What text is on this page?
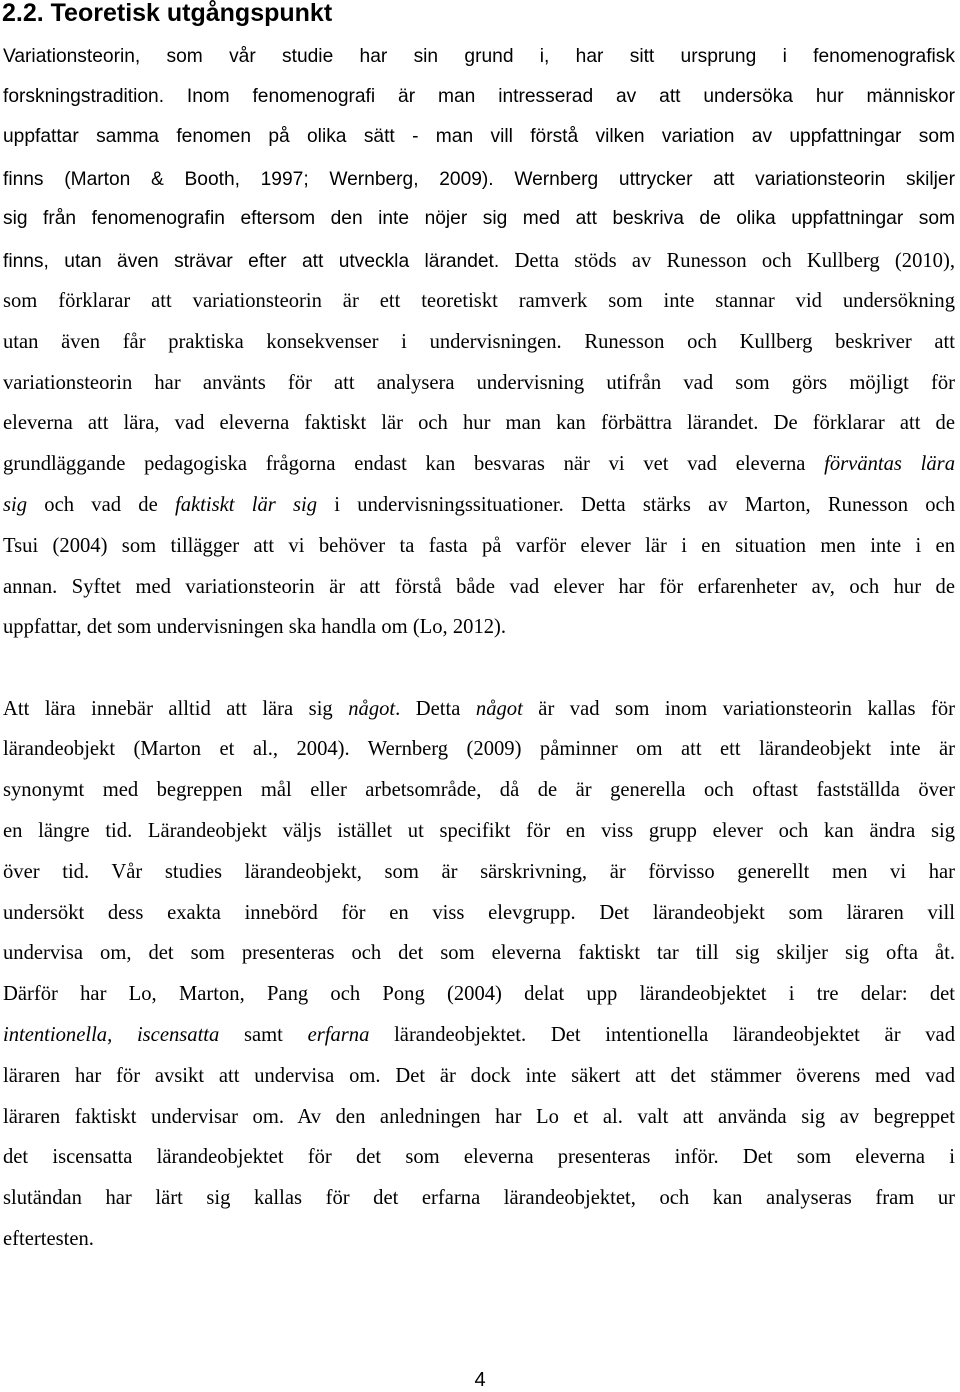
2.2. Teoretisk utgångspunkt
Variationsteorin, som vår studie har sin grund i, har sitt ursprung i fenomenografisk
forskningstradition. Inom fenomenografi är man intresserad av att undersöka hur människor
uppfattar samma fenomen på olika sätt - man vill förstå vilken variation av uppfattningar som
finns (Marton & Booth, 1997; Wernberg, 2009). Wernberg uttrycker att variationsteorin skiljer
sig från fenomenografin eftersom den inte nöjer sig med att beskriva de olika uppfattningar som
finns, utan även strävar efter att utveckla lärandet. Detta stöds av Runesson och Kullberg (2010),
som förklarar att variationsteorin är ett teoretiskt ramverk som inte stannar vid undersökning
utan även får praktiska konsekvenser i undervisningen. Runesson och Kullberg beskriver att
variationsteorin har använts för att analysera undervisning utifrån vad som görs möjligt för
eleverna att lära, vad eleverna faktiskt lär och hur man kan förbättra lärandet. De förklarar att de
grundläggande pedagogiska frågorna endast kan besvaras när vi vet vad eleverna förväntas lära
sig och vad de faktiskt lär sig i undervisningssituationer. Detta stärks av Marton, Runesson och
Tsui (2004) som tillägger att vi behöver ta fasta på varför elever lär i en situation men inte i en
annan. Syftet med variationsteorin är att förstå både vad elever har för erfarenheter av, och hur de
uppfattar, det som undervisningen ska handla om (Lo, 2012).
Att lära innebär alltid att lära sig något. Detta något är vad som inom variationsteorin kallas för
lärandeobjekt (Marton et al., 2004). Wernberg (2009) påminner om att ett lärandeobjekt inte är
synonymt med begreppen mål eller arbetsområde, då de är generella och oftast fastställda över
en längre tid. Lärandeobjekt väljs istället ut specifikt för en viss grupp elever och kan ändra sig
över tid. Vår studies lärandeobjekt, som är särskrivning, är förvisso generellt men vi har
undersökt dess exakta innebörd för en viss elevgrupp. Det lärandeobjekt som läraren vill
undervisa om, det som presenteras och det som eleverna faktiskt tar till sig skiljer sig ofta åt.
Därför har Lo, Marton, Pang och Pong (2004) delat upp lärandeobjektet i tre delar: det
intentionella, iscensatta samt erfarna lärandeobjektet. Det intentionella lärandeobjektet är vad
läraren har för avsikt att undervisa om. Det är dock inte säkert att det stämmer överens med vad
läraren faktiskt undervisar om. Av den anledningen har Lo et al. valt att använda sig av begreppet
det iscensatta lärandeobjektet för det som eleverna presenteras inför. Det som eleverna i
slutändan har lärt sig kallas för det erfarna lärandeobjektet, och kan analyseras fram ur
eftertesten.
4
